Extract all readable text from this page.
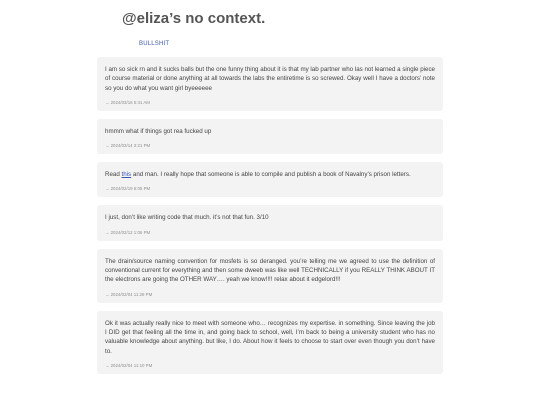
@eliza’s no context.
BULLSHIT
I am so sick rn and it sucks balls but the one funny thing about it is that my lab partner who las not learned a single piece of course material or done anything at all towards the labs the entiretime is so screwed. Okay well I have a doctors’ note so you do what you want girl byeeeeee
→ 2024/03/16 5:41 AM
hmmm what if things got rea fucked up
→ 2024/03/14 3:21 PM
Read this and man. I really hope that someone is able to compile and publish a book of Navalny’s prison letters.
→ 2024/02/19 6:05 PM
I just, don’t like writing code that much. it’s not that fun. 3/10
→ 2024/02/12 1:06 PM
The drain/source naming convention for mosfets is so deranged. you’re telling me we agreed to use the definition of conventional current for everything and then some dweeb was like well TECHNICALLY if you REALLY THINK ABOUT IT the electrons are going the OTHER WAY…. yeah we know!!!! relax about it edgelord!!!
→ 2024/02/04 11:29 PM
Ok it was actually really nice to meet with someone who… recognizes my expertise. in something. Since leaving the job I DID get that feeling all the time in, and going back to school, well, I’m back to being a university student who has no valuable knowledge about anything. but like, I do. About how it feels to choose to start over even though you don’t have to.
→ 2024/02/04 11:10 PM
